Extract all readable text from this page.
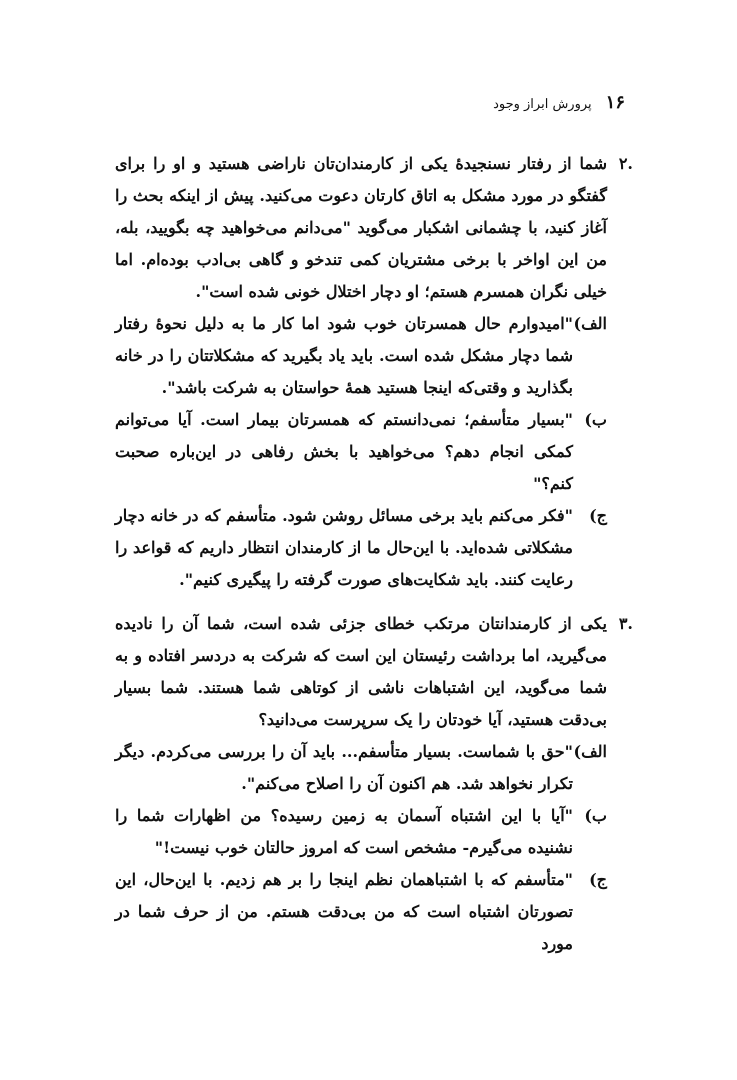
۱۶
پرورش ابراز وجود
.۲

شما از رفتار نسنجیدهٔ یکی از کارمندان‌تان ناراضی هستید و او را برای گفتگو در مورد مشکل به اتاق کارتان دعوت می‌کنید. پیش از اینکه بحث را آغاز کنید، با چشمانی اشکبار می‌گوید "می‌دانم می‌خواهید چه بگویید، بله، من این اواخر با برخی مشتریان کمی تندخو و گاهی بی‌ادب بوده‌ام. اما خیلی نگران همسرم هستم؛ او دچار اختلال خونی شده است".

الف)

"امیدوارم حال همسرتان خوب شود اما کار ما به دلیل نحوهٔ رفتار شما دچار مشکل شده است. باید یاد بگیرید که مشکلاتتان را در خانه بگذارید و وقتی‌که اینجا هستید همهٔ حواستان به شرکت باشد".

ب)

"بسیار متأسفم؛ نمی‌دانستم که همسرتان بیمار است. آیا می‌توانم کمکی انجام دهم؟ می‌خواهید با بخش رفاهی در این‌باره صحبت کنم؟"

ج)

"فکر می‌کنم باید برخی مسائل روشن شود. متأسفم که در خانه دچار مشکلاتی شده‌اید. با این‌حال ما از کارمندان انتظار داریم که قواعد را رعایت کنند. باید شکایت‌های صورت گرفته را پیگیری کنیم".

.۳

یکی از کارمندانتان مرتکب خطای جزئی شده است، شما آن را نادیده می‌گیرید، اما برداشت رئیستان این است که شرکت به دردسر افتاده و به شما می‌گوید، این اشتباهات ناشی از کوتاهی شما هستند. شما بسیار بی‌دقت هستید، آیا خودتان را یک سرپرست می‌دانید؟

الف)

"حق با شماست. بسیار متأسفم... باید آن را بررسی می‌کردم. دیگر تکرار نخواهد شد. هم اکنون آن را اصلاح می‌کنم".

ب)

"آیا با این اشتباه آسمان به زمین رسیده؟ من اظهارات شما را نشنیده می‌گیرم- مشخص است که امروز حالتان خوب نیست!"

ج)

"متأسفم که با اشتباهمان نظم اینجا را بر هم زدیم. با این‌حال، این تصورتان اشتباه است که من بی‌دقت هستم. من از حرف شما در مورد
